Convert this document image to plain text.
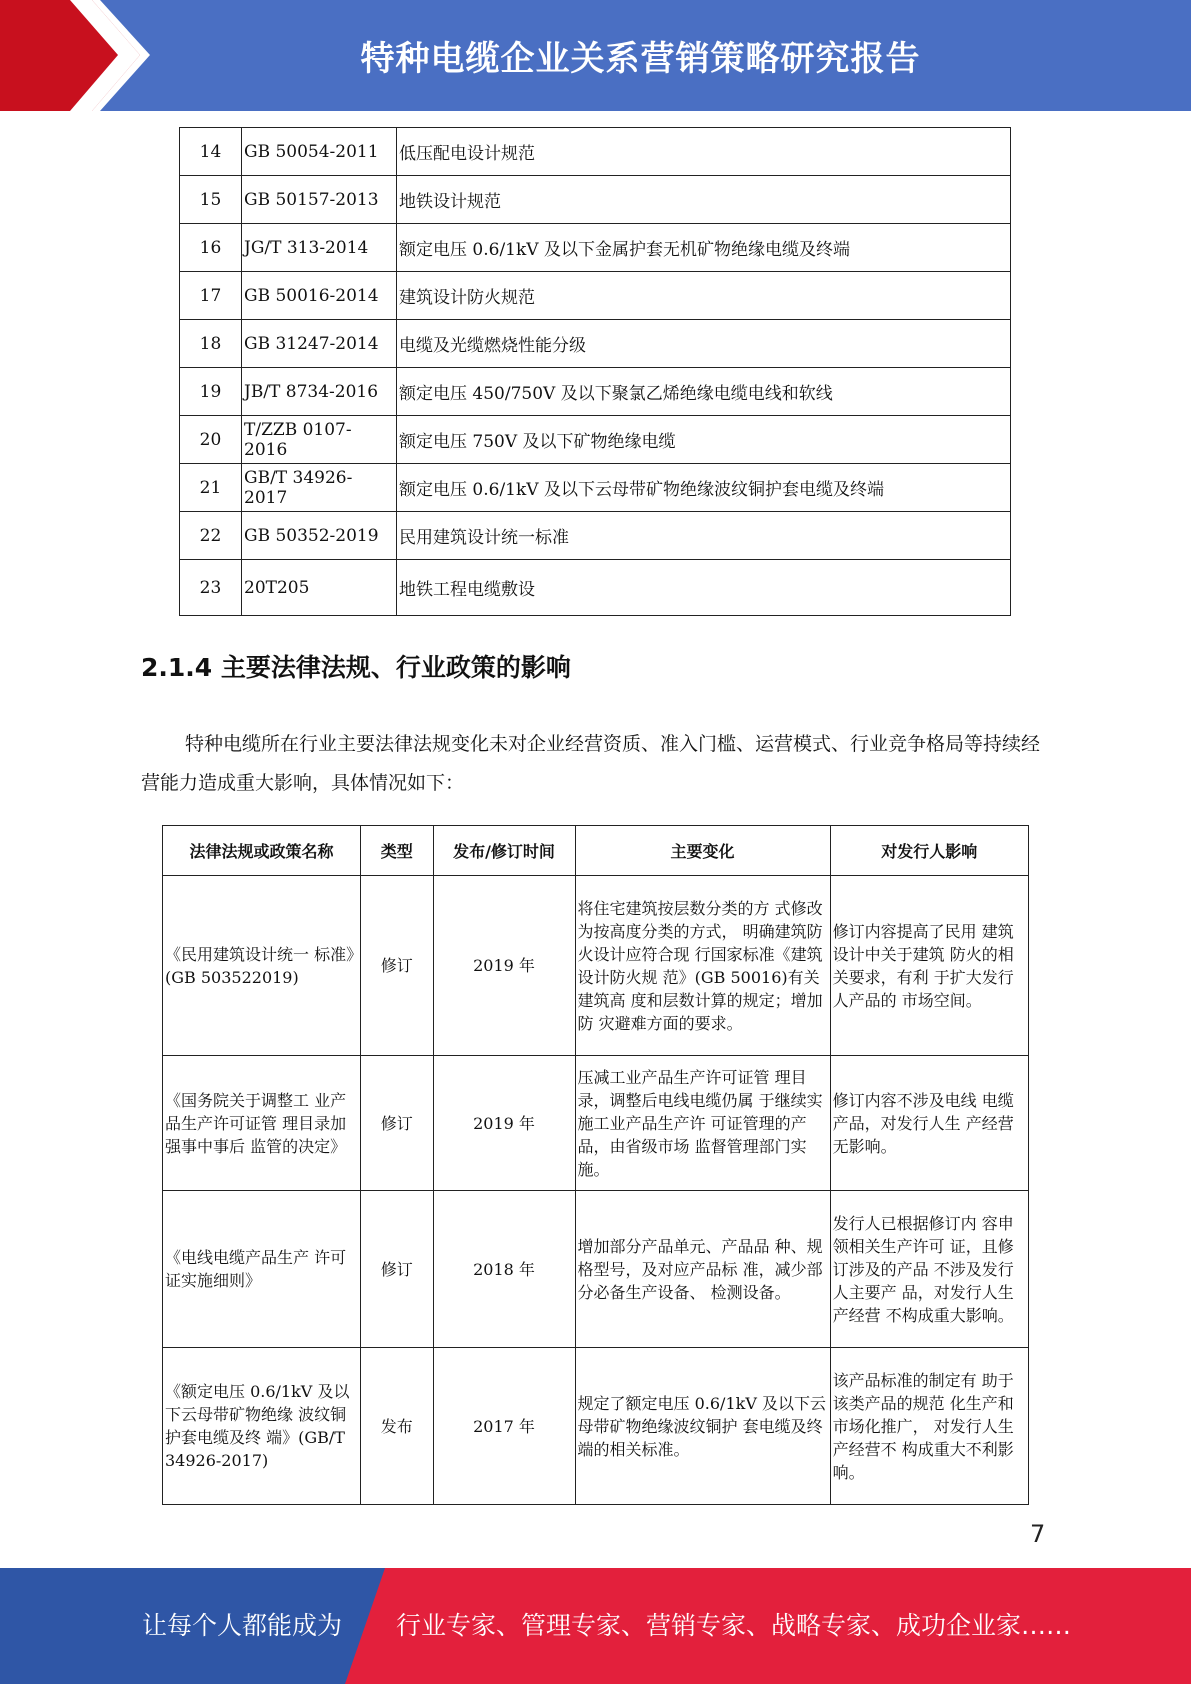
特种电缆企业关系营销策略研究报告
14	GB 50054-2011	低压配电设计规范
15	GB 50157-2013	地铁设计规范
16	JG/T 313-2014	额定电压 0.6/1kV 及以下金属护套无机矿物绝缘电缆及终端
17	GB 50016-2014	建筑设计防火规范
18	GB 31247-2014	电缆及光缆燃烧性能分级
19	JB/T 8734-2016	额定电压 450/750V 及以下聚氯乙烯绝缘电缆电线和软线
20	T/ZZB 0107-2016	额定电压 750V 及以下矿物绝缘电缆
21	GB/T 34926-2017	额定电压 0.6/1kV 及以下云母带矿物绝缘波纹铜护套电缆及终端
22	GB 50352-2019	民用建筑设计统一标准
23	20T205	地铁工程电缆敷设
2.1.4 主要法律法规、行业政策的影响

特种电缆所在行业主要法律法规变化未对企业经营资质、准入门槛、运营模式、行业竞争格局等持续经营能力造成重大影响，具体情况如下：

法律法规或政策名称	类型	发布/修订时间	主要变化	对发行人影响
《民用建筑设计统一 标准》(GB 503522019)	修订	2019 年	将住宅建筑按层数分类的方 式修改为按高度分类的方式， 明确建筑防火设计应符合现 行国家标准《建筑设计防火规 范》(GB 50016)有关建筑高 度和层数计算的规定；增加防 灾避难方面的要求。	修订内容提高了民用 建筑设计中关于建筑 防火的相关要求，有利 于扩大发行人产品的 市场空间。
《国务院关于调整工 业产品生产许可证管 理目录加强事中事后 监管的决定》	修订	2019 年	压减工业产品生产许可证管 理目录，调整后电线电缆仍属 于继续实施工业产品生产许 可证管理的产品，由省级市场 监督管理部门实施。	修订内容不涉及电线 电缆产品，对发行人生 产经营无影响。
《电线电缆产品生产 许可证实施细则》	修订	2018 年	增加部分产品单元、产品品 种、规格型号，及对应产品标 准，减少部分必备生产设备、 检测设备。	发行人已根据修订内 容申领相关生产许可 证，且修订涉及的产品 不涉及发行人主要产 品，对发行人生产经营 不构成重大影响。
《额定电压 0.6/1kV 及以下云母带矿物绝缘 波纹铜护套电缆及终 端》(GB/T 34926-2017)	发布	2017 年	规定了额定电压 0.6/1kV 及以下云母带矿物绝缘波纹铜护 套电缆及终端的相关标准。	该产品标准的制定有 助于该类产品的规范 化生产和市场化推广， 对发行人生产经营不 构成重大不利影响。
7
让每个人都能成为 行业专家、管理专家、营销专家、战略专家、成功企业家……
